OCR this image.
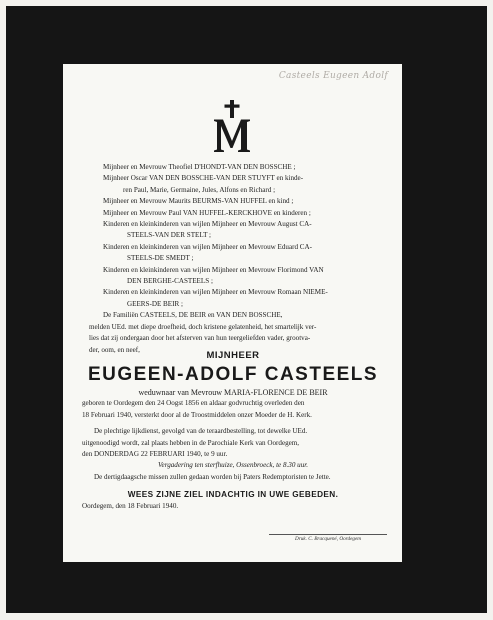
Casteels Eugeen Adolf
Mijnheer en Mevrouw Theofiel D'HONDT-VAN DEN BOSSCHE ;
Mijnheer Oscar VAN DEN BOSSCHE-VAN DER STUYFT en kinde-
ren Paul, Marie, Germaine, Jules, Alfons en Richard ;
Mijnheer en Mevrouw Maurits BEURMS-VAN HUFFEL en kind ;
Mijnheer en Mevrouw Paul VAN HUFFEL-KERCKHOVE en kinderen ;
Kinderen en kleinkinderen van wijlen Mijnheer en Mevrouw August CA-
STEELS-VAN DER STELT ;
Kinderen en kleinkinderen van wijlen Mijnheer en Mevrouw Eduard CA-
STEELS-DE SMEDT ;
Kinderen en kleinkinderen van wijlen Mijnheer en Mevrouw Florimond VAN
DEN BERGHE-CASTEELS ;
Kinderen en kleinkinderen van wijlen Mijnheer en Mevrouw Romaan NIEME-
GEERS-DE BEIR ;
De Familiën CASTEELS, DE BEIR en VAN DEN BOSSCHE,
melden UEd. met diepe droefheid, doch kristene gelatenheid, het smartelijk ver-
lies dat zij ondergaan door het afsterven van hun teergeliefden vader, grootva-
der, oom, en neef,
MIJNHEER
EUGEEN-ADOLF CASTEELS
weduwnaar van Mevrouw MARIA-FLORENCE DE BEIR
geboren te Oordegem den 24 Oogst 1856 en aldaar godvruchtig overleden den
18 Februari 1940, versterkt door al de Troostmiddelen onzer Moeder de H. Kerk.
De plechtige lijkdienst, gevolgd van de teraardbestelling, tot dewelke UEd.
uitgenoodigd wordt, zal plaats hebben in de Parochiale Kerk van Oordegem,
den DONDERDAG 22 FEBRUARI 1940, te 9 uur.
Vergadering ten sterfhuize, Ossenbroeck, te 8.30 uur.
De dertigdaagsche missen zullen gedaan worden bij Paters Redemptoristen te Jette.
WEES ZIJNE ZIEL INDACHTIG IN UWE GEBEDEN.
Oordegem, den 18 Februari 1940.
Druk. C. Bracquené, Oordegem
